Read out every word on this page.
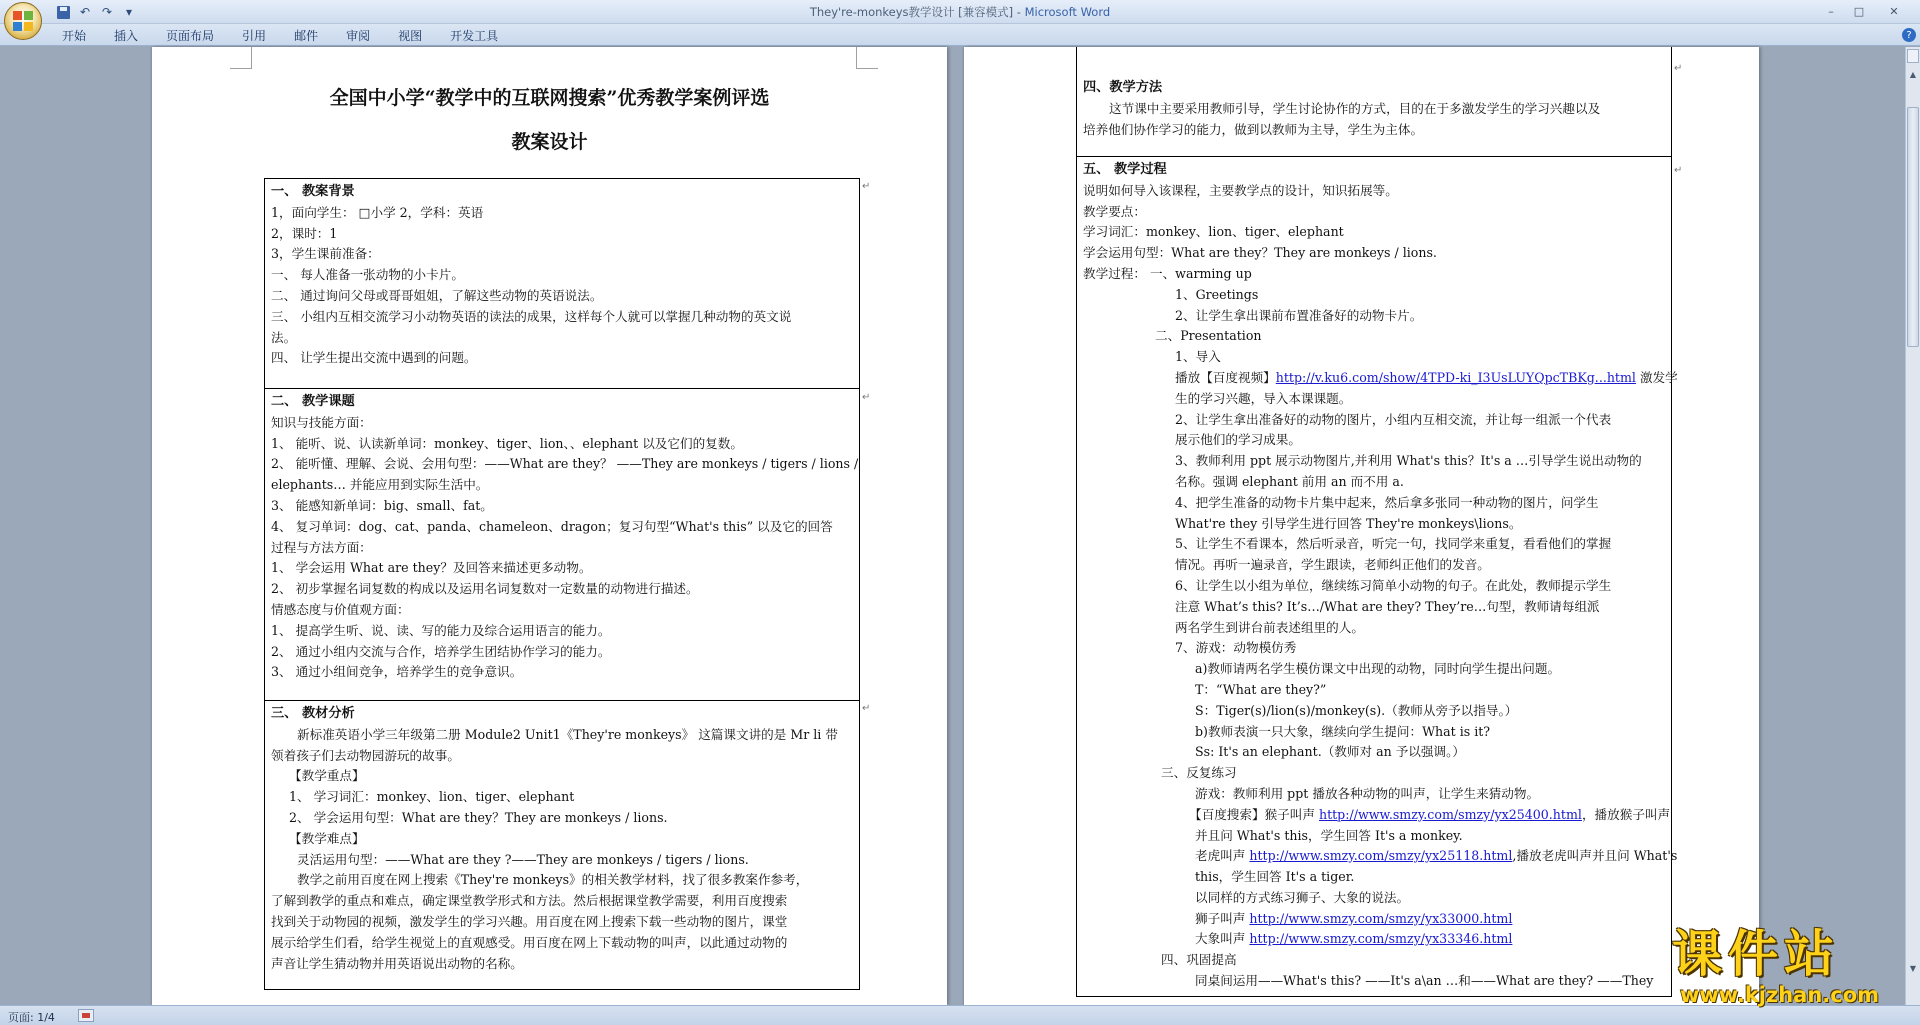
↶ ↷ ▾	They're-monkeys教学设计 [兼容模式] - Microsoft Word	–	□	✕
开始	插入	页面布局	引用	邮件	审阅	视图	开发工具	?
全国中小学“教学中的互联网搜索”优秀教学案例评选
教案设计
一、 教案背景
1，面向学生： □小学 2，学科：英语
2，课时：1
3，学生课前准备：
一、 每人准备一张动物的小卡片。
二、 通过询问父母或哥哥姐姐，了解这些动物的英语说法。
三、 小组内互相交流学习小动物英语的读法的成果，这样每个人就可以掌握几种动物的英文说
法。
四、 让学生提出交流中遇到的问题。
二、 教学课题
知识与技能方面：
1、 能听、说、认读新单词：monkey、tiger、lion、、elephant 以及它们的复数。
2、 能听懂、理解、会说、会用句型：——What are they？ ——They are monkeys / tigers / lions /
elephants… 并能应用到实际生活中。
3、 能感知新单词：big、small、fat。
4、 复习单词：dog、cat、panda、chameleon、dragon；复习句型“What's this” 以及它的回答
过程与方法方面：
1、 学会运用 What are they？及回答来描述更多动物。
2、 初步掌握名词复数的构成以及运用名词复数对一定数量的动物进行描述。
情感态度与价值观方面：
1、 提高学生听、说、读、写的能力及综合运用语言的能力。
2、 通过小组内交流与合作，培养学生团结协作学习的能力。
3、 通过小组间竞争，培养学生的竞争意识。
三、 教材分析
新标准英语小学三年级第二册 Module2 Unit1《They're monkeys》 这篇课文讲的是 Mr li 带
领着孩子们去动物园游玩的故事。
【教学重点】
1、 学习词汇：monkey、lion、tiger、elephant
2、 学会运用句型：What are they？They are monkeys / lions.
【教学难点】
灵活运用句型：——What are they ?——They are monkeys / tigers / lions.
教学之前用百度在网上搜索《They're monkeys》的相关教学材料，找了很多教案作参考，
了解到教学的重点和难点，确定课堂教学形式和方法。然后根据课堂教学需要，利用百度搜索
找到关于动物园的视频，激发学生的学习兴趣。用百度在网上搜索下载一些动物的图片，课堂
展示给学生们看，给学生视觉上的直观感受。用百度在网上下载动物的叫声，以此通过动物的
声音让学生猜动物并用英语说出动物的名称。
↵
↵
↵
四、教学方法
这节课中主要采用教师引导，学生讨论协作的方式，目的在于多激发学生的学习兴趣以及
培养他们协作学习的能力，做到以教师为主导，学生为主体。
五、 教学过程
说明如何导入该课程，主要教学点的设计，知识拓展等。
教学要点：
学习词汇：monkey、lion、tiger、elephant
学会运用句型：What are they？They are monkeys / lions.
教学过程： 一、warming up
1、Greetings
2、让学生拿出课前布置准备好的动物卡片。
二、Presentation
1、导入
播放【百度视频】http://v.ku6.com/show/4TPD-ki_I3UsLUYQpcTBKg...html 激发学
生的学习兴趣，导入本课课题。
2、让学生拿出准备好的动物的图片，小组内互相交流，并让每一组派一个代表
展示他们的学习成果。
3、教师利用 ppt 展示动物图片,并利用 What's this？It's a …引导学生说出动物的
名称。强调 elephant 前用 an 而不用 a.
4、把学生准备的动物卡片集中起来，然后拿多张同一种动物的图片，问学生
What're they 引导学生进行回答 They're monkeys\lions。
5、让学生不看课本，然后听录音，听完一句，找同学来重复，看看他们的掌握
情况。再听一遍录音，学生跟读，老师纠正他们的发音。
6、让学生以小组为单位，继续练习简单小动物的句子。在此处，教师提示学生
注意 What’s this? It’s…/What are they? They’re…句型，教师请每组派
两名学生到讲台前表述组里的人。
7、游戏：动物模仿秀
a)教师请两名学生模仿课文中出现的动物，同时向学生提出问题。
T：“What are they?”
S：Tiger(s)/lion(s)/monkey(s).（教师从旁予以指导。）
b)教师表演一只大象，继续向学生提问：What is it?
Ss: It's an elephant.（教师对 an 予以强调。）
三、反复练习
游戏：教师利用 ppt 播放各种动物的叫声，让学生来猜动物。
【百度搜索】猴子叫声 http://www.smzy.com/smzy/yx25400.html，播放猴子叫声
并且问 What's this，学生回答 It's a monkey.
老虎叫声 http://www.smzy.com/smzy/yx25118.html,播放老虎叫声并且问 What's
this，学生回答 It's a tiger.
以同样的方式练习狮子、大象的说法。
狮子叫声 http://www.smzy.com/smzy/yx33000.html
大象叫声 http://www.smzy.com/smzy/yx33346.html
四、巩固提高
同桌间运用——What's this? ——It's a\an …和——What are they? ——They
↵
↵
▲
▼
页面: 1/4
课件站
www.kjzhan.com
